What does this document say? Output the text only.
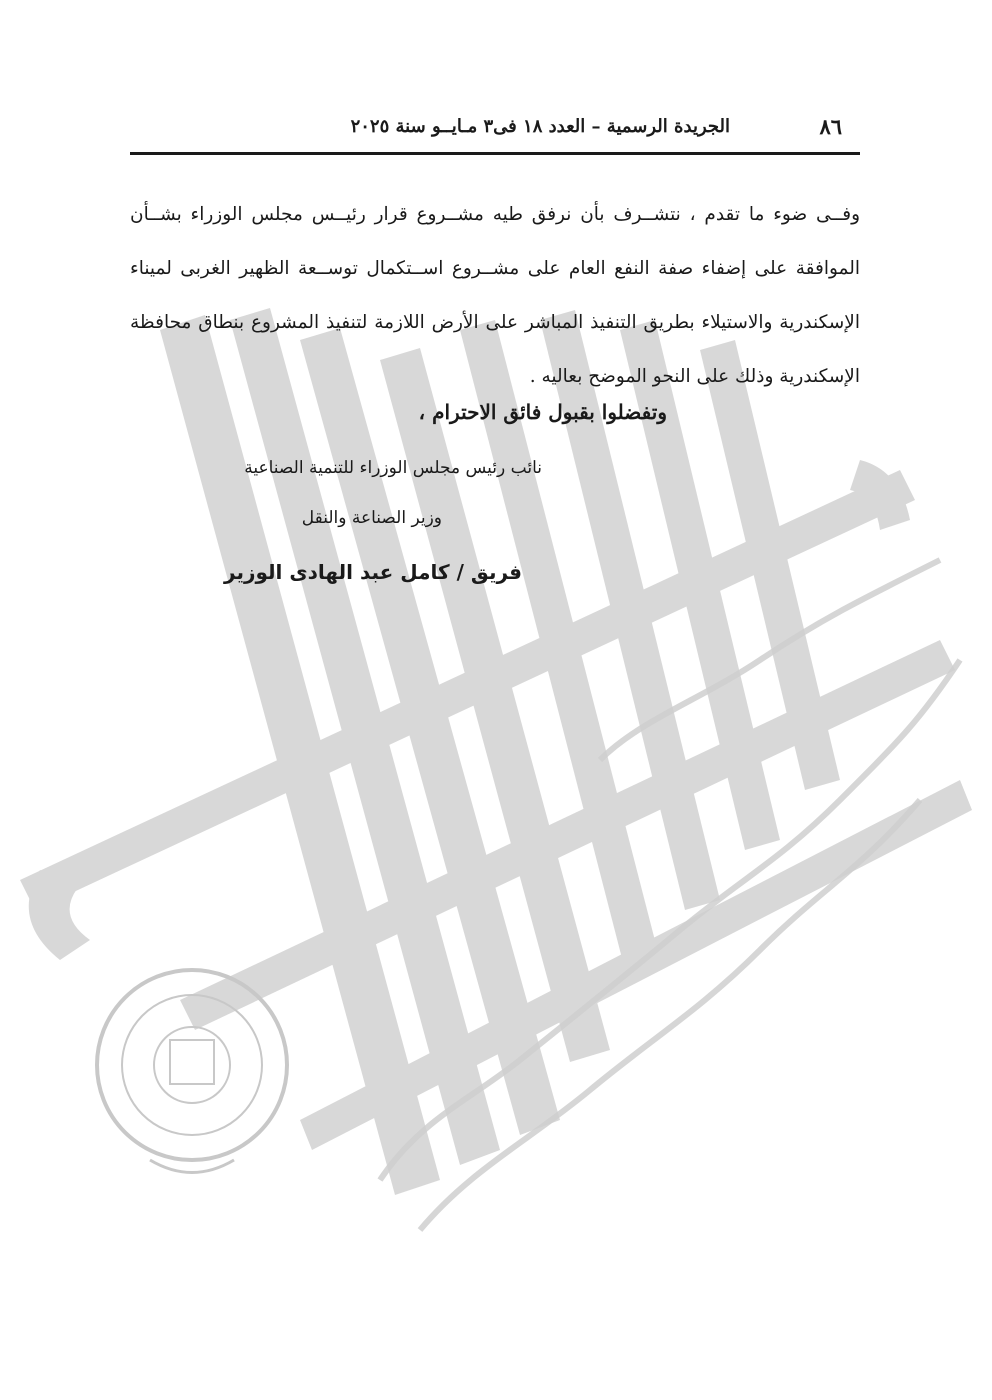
٨٦
الجريدة الرسمية – العدد ١٨ فى٣ مـايــو سنة ٢٠٢٥

وفــى ضوء ما تقدم ، نتشــرف بأن نرفق طيه مشــروع قرار رئيــس مجلس الوزراء بشــأن الموافقة على إضفاء صفة النفع العام على مشــروع اســتكمال توســعة الظهير الغربى لميناء الإسكندرية والاستيلاء بطريق التنفيذ المباشر على الأرض اللازمة لتنفيذ المشروع بنطاق محافظة الإسكندرية وذلك على النحو الموضح بعاليه .

وتفضلوا بقبول فائق الاحترام ،
نائب رئيس مجلس الوزراء للتنمية الصناعية
وزير الصناعة والنقل
فريق / كامل عبد الهادى الوزير
